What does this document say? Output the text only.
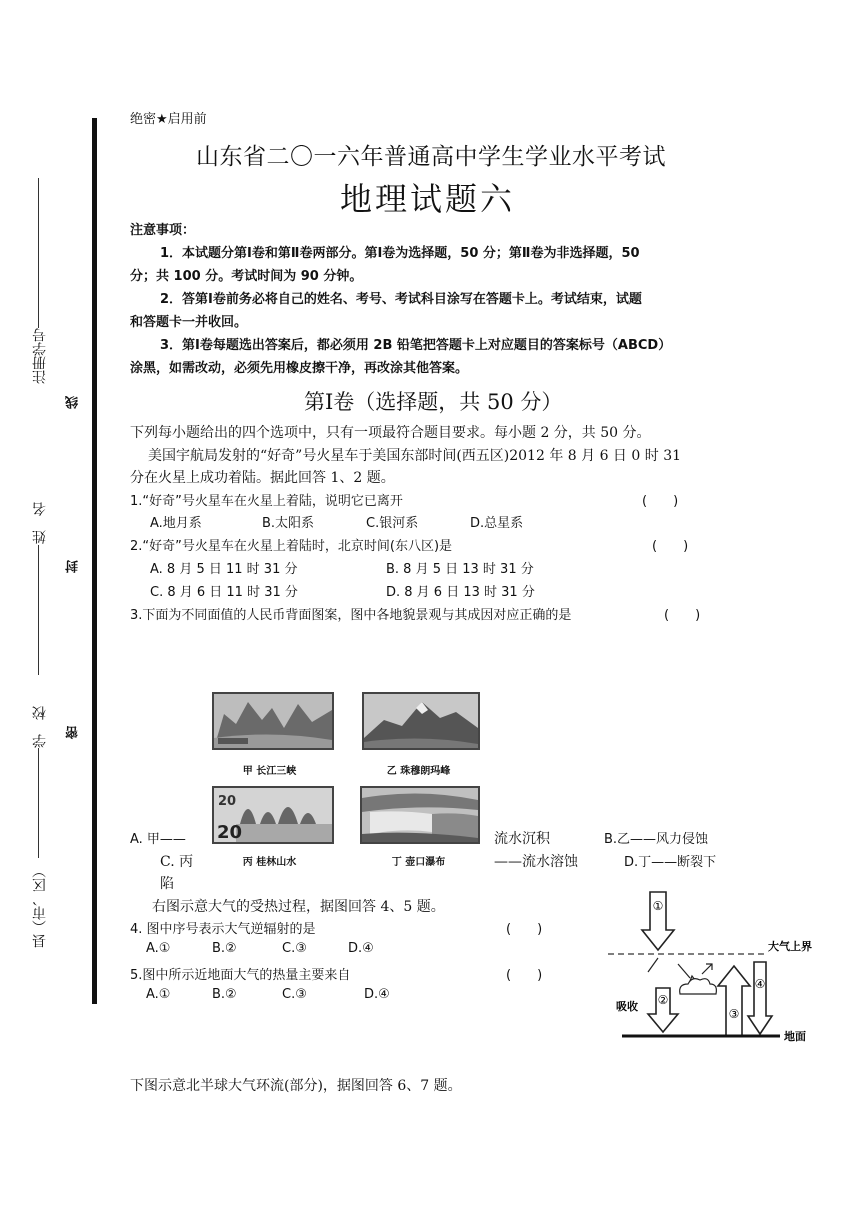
注册学号
姓　名
学　校
县（市、区）
线
封
密
绝密★启用前
山东省二〇一六年普通高中学生学业水平考试
地理试题六
注意事项：
1．本试题分第Ⅰ卷和第Ⅱ卷两部分。第Ⅰ卷为选择题，50 分；第Ⅱ卷为非选择题，50
分；共 100 分。考试时间为 90 分钟。
2．答第Ⅰ卷前务必将自己的姓名、考号、考试科目涂写在答题卡上。考试结束，试题
和答题卡一并收回。
3．第Ⅰ卷每题选出答案后，都必须用 2B 铅笔把答题卡上对应题目的答案标号（ABCD）
涂黑，如需改动，必须先用橡皮擦干净，再改涂其他答案。
第Ⅰ卷（选择题，共 50 分）
下列每小题给出的四个选项中，只有一项最符合题目要求。每小题 2 分，共 50 分。
美国宇航局发射的“好奇”号火星车于美国东部时间(西五区)2012 年 8 月 6 日 0 时 31
分在火星上成功着陆。据此回答 1、2 题。
1.“好奇”号火星车在火星上着陆，说明它已离开	(　　)
A.地月系	B.太阳系	C.银河系	D.总星系
2.“好奇”号火星车在火星上着陆时，北京时间(东八区)是	(　　)
A. 8 月 5 日 11 时 31 分	B. 8 月 5 日 13 时 31 分
C. 8 月 6 日 11 时 31 分	D. 8 月 6 日 13 时 31 分
3.下面为不同面值的人民币背面图案，图中各地貌景观与其成因对应正确的是	(　　)
20
20
甲 长江三峡	乙 珠穆朗玛峰
丙 桂林山水	丁 壶口瀑布
A. 甲——	流水沉积	B.乙——风力侵蚀
C. 丙	——流水溶蚀	D.丁——断裂下
陷
右图示意大气的受热过程，据图回答 4、5 题。
4. 图中序号表示大气逆辐射的是	(　　)
A.①	B.②	C.③	D.④
5.图中所示近地面大气的热量主要来自	(　　)
A.①	B.②	C.③	D.④
①
大气上界
吸收 ②
③
④
地面
下图示意北半球大气环流(部分)，据图回答 6、7 题。
